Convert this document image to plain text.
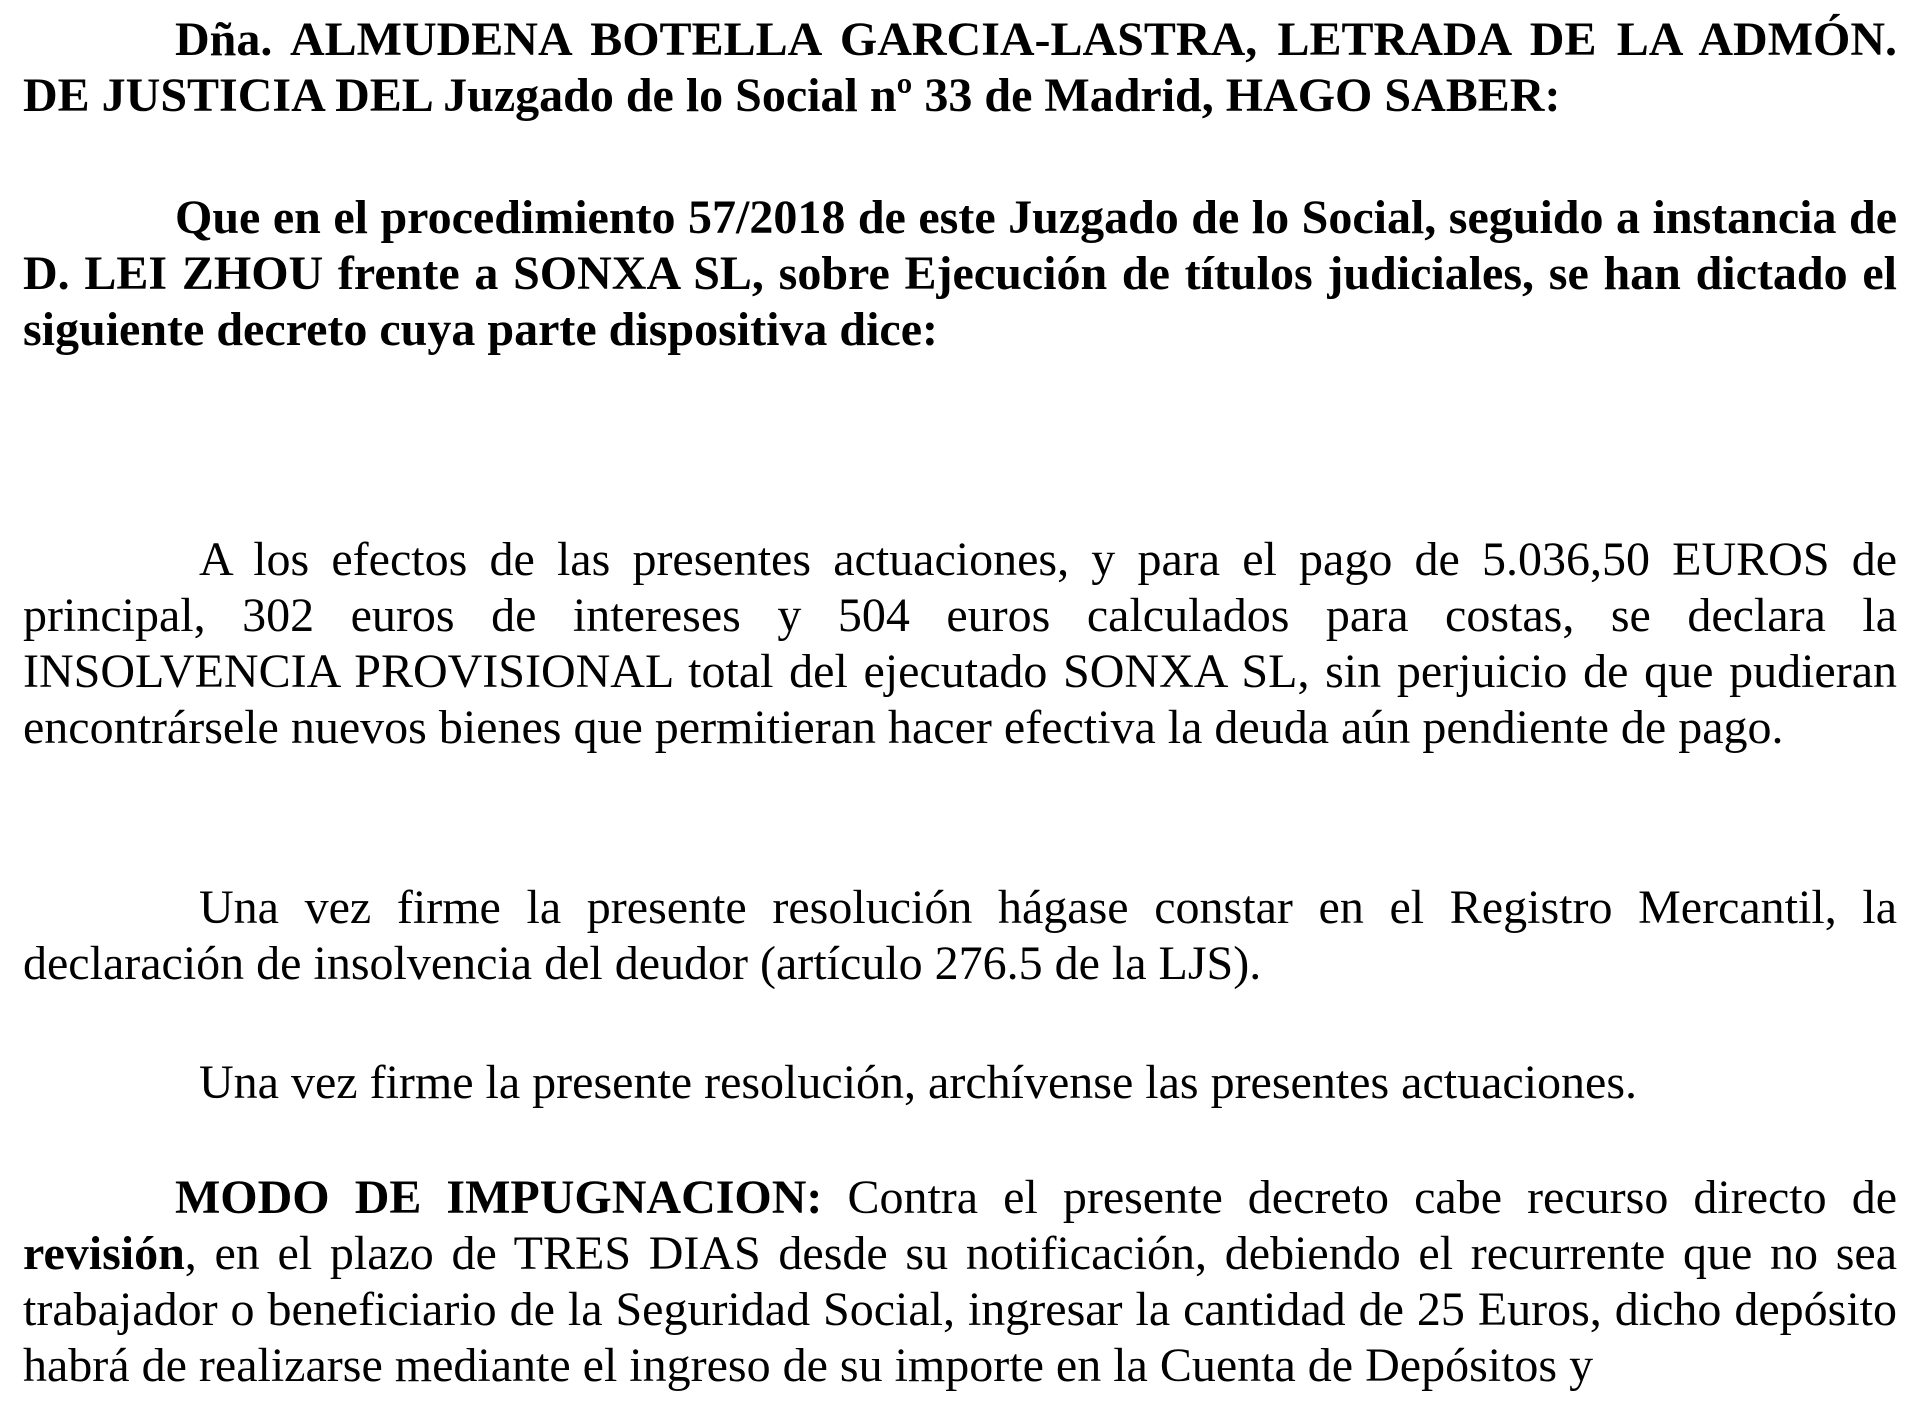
Dña. ALMUDENA BOTELLA GARCIA-LASTRA, LETRADA DE LA ADMÓN. DE JUSTICIA DEL Juzgado de lo Social nº 33 de Madrid, HAGO SABER:

Que en el procedimiento 57/2018 de este Juzgado de lo Social, seguido a instancia de D. LEI ZHOU frente a SONXA SL, sobre Ejecución de títulos judiciales, se han dictado el siguiente decreto cuya parte dispositiva dice:

A los efectos de las presentes actuaciones, y para el pago de 5.036,50 EUROS de principal, 302 euros de intereses y 504 euros calculados para costas, se declara la INSOLVENCIA PROVISIONAL total del ejecutado SONXA SL, sin perjuicio de que pudieran encontrársele nuevos bienes que permitieran hacer efectiva la deuda aún pendiente de pago.

Una vez firme la presente resolución hágase constar en el Registro Mercantil, la declaración de insolvencia del deudor (artículo 276.5 de la LJS).

Una vez firme la presente resolución, archívense las presentes actuaciones.

MODO DE IMPUGNACION: Contra el presente decreto cabe recurso directo de revisión, en el plazo de TRES DIAS desde su notificación, debiendo el recurrente que no sea trabajador o beneficiario de la Seguridad Social, ingresar la cantidad de 25 Euros, dicho depósito habrá de realizarse mediante el ingreso de su importe en la Cuenta de Depósitos y
